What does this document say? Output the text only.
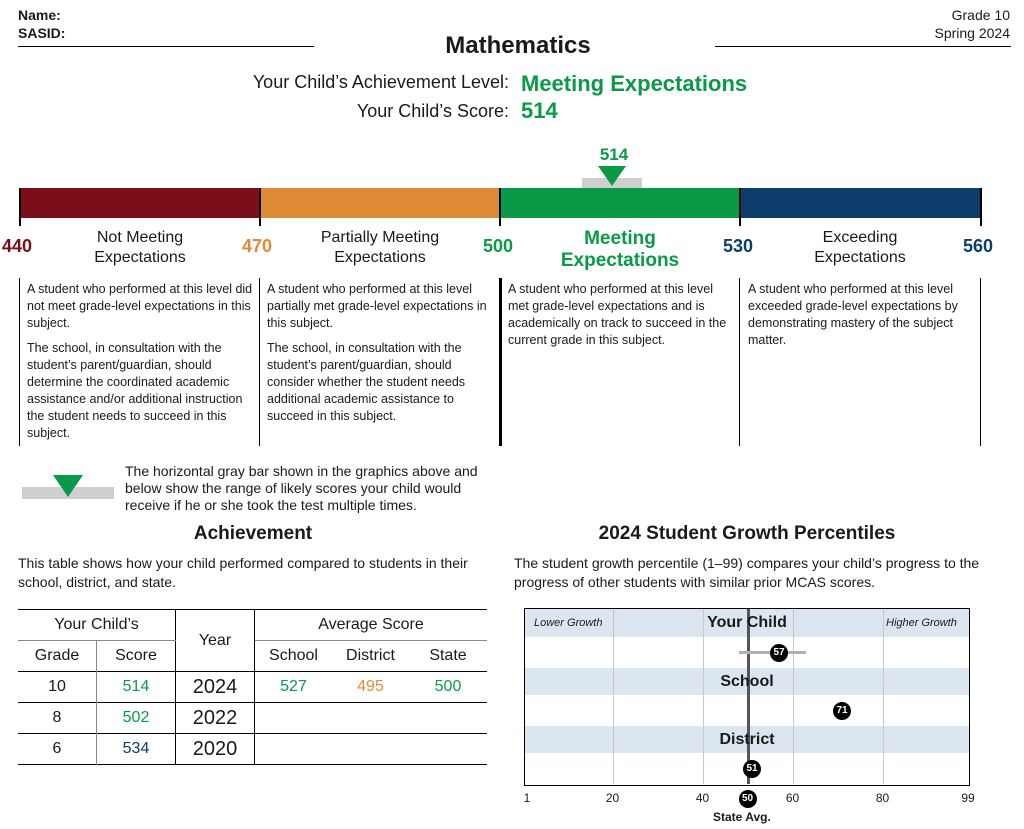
Name:
SASID:
Grade 10
Spring 2024
Mathematics
Your Child’s Achievement Level: Meeting Expectations
Your Child’s Score: 514
514
440	470	500	530	560
Not Meeting Expectations
Partially Meeting Expectations
Meeting Expectations
Exceeding Expectations

A student who performed at this level did not meet grade-level expectations in this subject.

The school, in consultation with the student’s parent/guardian, should determine the coordinated academic assistance and/or additional instruction the student needs to succeed in this subject.

A student who performed at this level partially met grade-level expectations in this subject.

The school, in consultation with the student’s parent/guardian, should consider whether the student needs additional academic assistance to succeed in this subject.

A student who performed at this level met grade-level expectations and is academically on track to succeed in the current grade in this subject.

A student who performed at this level exceeded grade-level expectations by demonstrating mastery of the subject matter.

The horizontal gray bar shown in the graphics above and below show the range of likely scores your child would receive if he or she took the test multiple times.
Achievement
This table shows how your child performed compared to students in their school, district, and state.
Your Child’s		Year	Average Score		
Grade	Score		School	District	State
10	514	2024	527	495	500
8	502	2022			
6	534	2020			
2024 Student Growth Percentiles
The student growth percentile (1–99) compares your child’s progress to the progress of other students with similar prior MCAS scores.
Lower Growth	Higher Growth
Your Child
School
District
57
71
51
50
1	20	40	60	80	99
State Avg.
